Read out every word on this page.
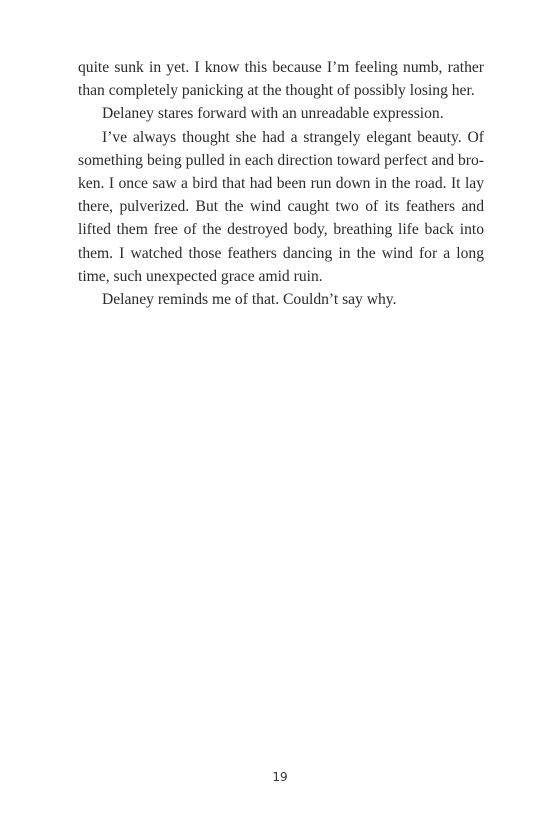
quite sunk in yet. I know this because I’m feeling numb, rather
than completely panicking at the thought of possibly losing her.
Delaney stares forward with an unreadable expression.
I’ve always thought she had a strangely elegant beauty. Of
something being pulled in each direction toward perfect and bro-
ken. I once saw a bird that had been run down in the road. It lay
there, pulverized. But the wind caught two of its feathers and
lifted them free of the destroyed body, breathing life back into
them. I watched those feathers dancing in the wind for a long
time, such unexpected grace amid ruin.
Delaney reminds me of that. Couldn’t say why.
19
